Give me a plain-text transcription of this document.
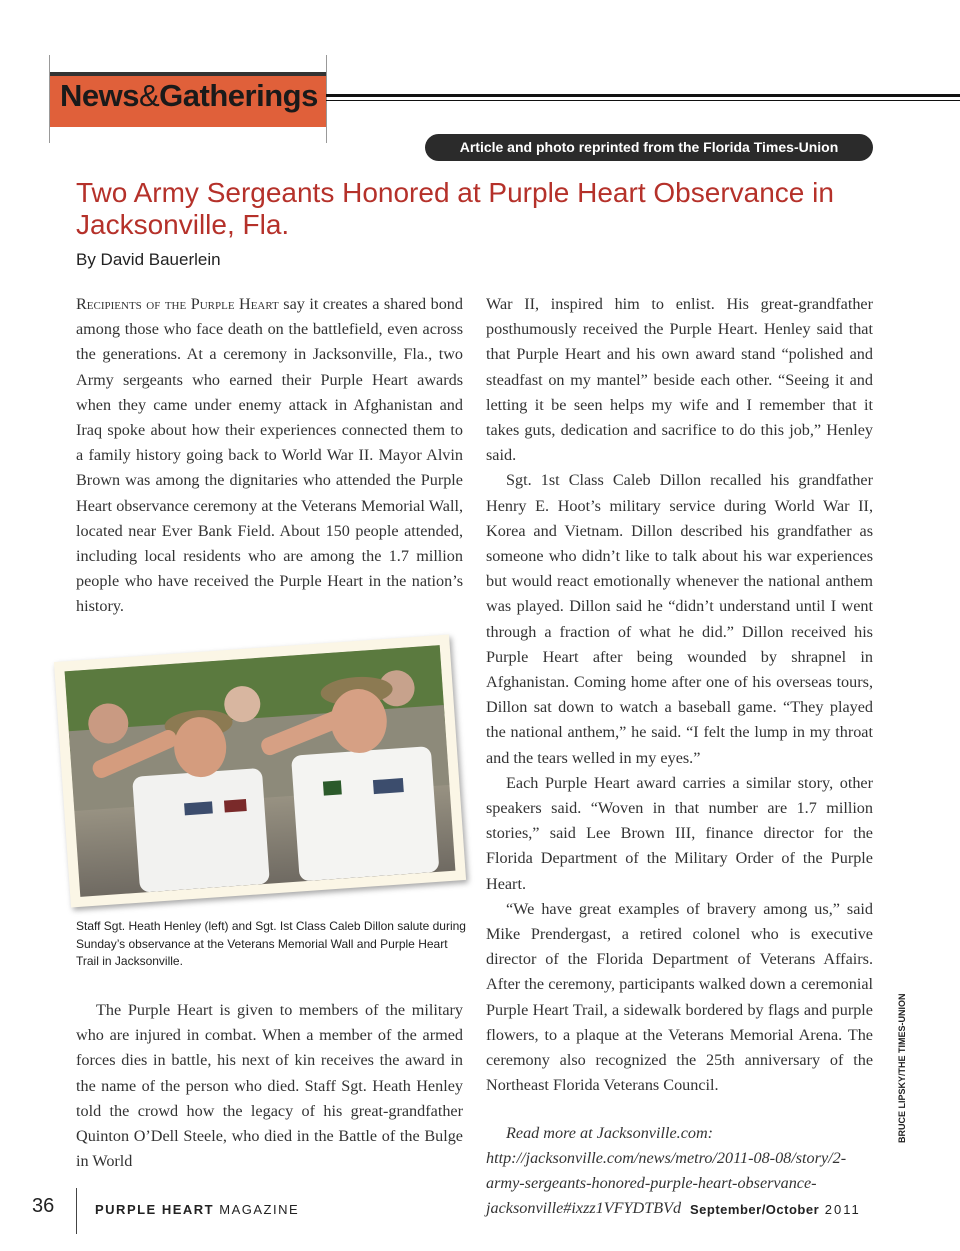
News&Gatherings
Article and photo reprinted from the Florida Times-Union
Two Army Sergeants Honored at Purple Heart Observance in Jacksonville, Fla.
By David Bauerlein

Recipients of the Purple Heart say it creates a shared bond among those who face death on the battlefield, even across the generations. At a ceremony in Jacksonville, Fla., two Army sergeants who earned their Purple Heart awards when they came under enemy attack in Afghanistan and Iraq spoke about how their experiences connected them to a family history going back to World War II. Mayor Alvin Brown was among the dignitaries who attended the Purple Heart observance ceremony at the Veterans Memorial Wall, located near Ever Bank Field. About 150 people attended, including local residents who are among the 1.7 million people who have received the Purple Heart in the nation’s history.

Staff Sgt. Heath Henley (left) and Sgt. Ist Class Caleb Dillon salute during Sunday’s observance at the Veterans Memorial Wall and Purple Heart Trail in Jacksonville.

The Purple Heart is given to members of the military who are injured in combat. When a member of the armed forces dies in battle, his next of kin receives the award in the name of the person who died. Staff Sgt. Heath Henley told the crowd how the legacy of his great-grandfather Quinton O’Dell Steele, who died in the Battle of the Bulge in World

War II, inspired him to enlist. His great-grandfather posthumously received the Purple Heart. Henley said that that Purple Heart and his own award stand “polished and steadfast on my mantel” beside each other. “Seeing it and letting it be seen helps my wife and I remember that it takes guts, dedication and sacrifice to do this job,” Henley said.

Sgt. 1st Class Caleb Dillon recalled his grandfather Henry E. Hoot’s military service during World War II, Korea and Vietnam. Dillon described his grandfather as someone who didn’t like to talk about his war experiences but would react emotionally whenever the national anthem was played. Dillon said he “didn’t understand until I went through a fraction of what he did.” Dillon received his Purple Heart after being wounded by shrapnel in Afghanistan. Coming home after one of his overseas tours, Dillon sat down to watch a baseball game. “They played the national anthem,” he said. “I felt the lump in my throat and the tears welled in my eyes.”

Each Purple Heart award carries a similar story, other speakers said. “Woven in that number are 1.7 million stories,” said Lee Brown III, finance director for the Florida Department of the Military Order of the Purple Heart.

“We have great examples of bravery among us,” said Mike Prendergast, a retired colonel who is executive director of the Florida Department of Veterans Affairs. After the ceremony, participants walked down a ceremonial Purple Heart Trail, a sidewalk bordered by flags and purple flowers, to a plaque at the Veterans Memorial Arena. The ceremony also recognized the 25th anniversary of the Northeast Florida Veterans Council.

Read more at Jacksonville.com: http://jacksonville.com/news/metro/2011-08-08/story/2-army-sergeants-honored-purple-heart-observance-jacksonville#ixzz1VFYDTBVd

BRUCE LIPSKY/THE TIMES-UNION
36	PURPLE HEART MAGAZINE	September/October 2011
